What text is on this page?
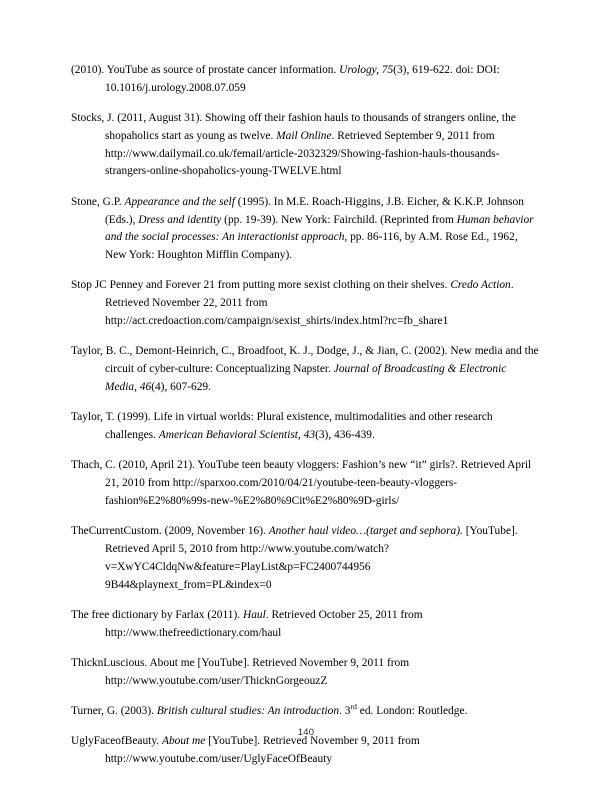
(2010). YouTube as source of prostate cancer information. Urology, 75(3), 619-622. doi: DOI: 10.1016/j.urology.2008.07.059

Stocks, J. (2011, August 31). Showing off their fashion hauls to thousands of strangers online, the shopaholics start as young as twelve. Mail Online. Retrieved September 9, 2011 from http://www.dailymail.co.uk/femail/article-2032329/Showing-fashion-hauls-thousands-strangers-online-shopaholics-young-TWELVE.html

Stone, G.P. Appearance and the self (1995). In M.E. Roach-Higgins, J.B. Eicher, & K.K.P. Johnson (Eds.), Dress and identity (pp. 19-39). New York: Fairchild. (Reprinted from Human behavior and the social processes: An interactionist approach, pp. 86-116, by A.M. Rose Ed., 1962, New York: Houghton Mifflin Company).

Stop JC Penney and Forever 21 from putting more sexist clothing on their shelves. Credo Action. Retrieved November 22, 2011 from http://act.credoaction.com/campaign/sexist_shirts/index.html?rc=fb_share1

Taylor, B. C., Demont-Heinrich, C., Broadfoot, K. J., Dodge, J., & Jian, C. (2002). New media and the circuit of cyber-culture: Conceptualizing Napster. Journal of Broadcasting & Electronic Media, 46(4), 607-629.

Taylor, T. (1999). Life in virtual worlds: Plural existence, multimodalities and other research challenges. American Behavioral Scientist, 43(3), 436-439.

Thach, C. (2010, April 21). YouTube teen beauty vloggers: Fashion’s new “it” girls?. Retrieved April 21, 2010 from http://sparxoo.com/2010/04/21/youtube-teen-beauty-vloggers-fashion%E2%80%99s-new-%E2%80%9Cit%E2%80%9D-girls/

TheCurrentCustom. (2009, November 16). Another haul video…(target and sephora). [YouTube]. Retrieved April 5, 2010 from http://www.youtube.com/watch?v=XwYC4CldqNw&feature=PlayList&p=FC24007449569B44&playnext_from=PL&index=0

The free dictionary by Farlax (2011). Haul. Retrieved October 25, 2011 from http://www.thefreedictionary.com/haul

ThicknLuscious. About me [YouTube]. Retrieved November 9, 2011 from http://www.youtube.com/user/ThicknGorgeouzZ

Turner, G. (2003). British cultural studies: An introduction. 3rd ed. London: Routledge.

UglyFaceofBeauty. About me [YouTube]. Retrieved November 9, 2011 from http://www.youtube.com/user/UglyFaceOfBeauty

140
